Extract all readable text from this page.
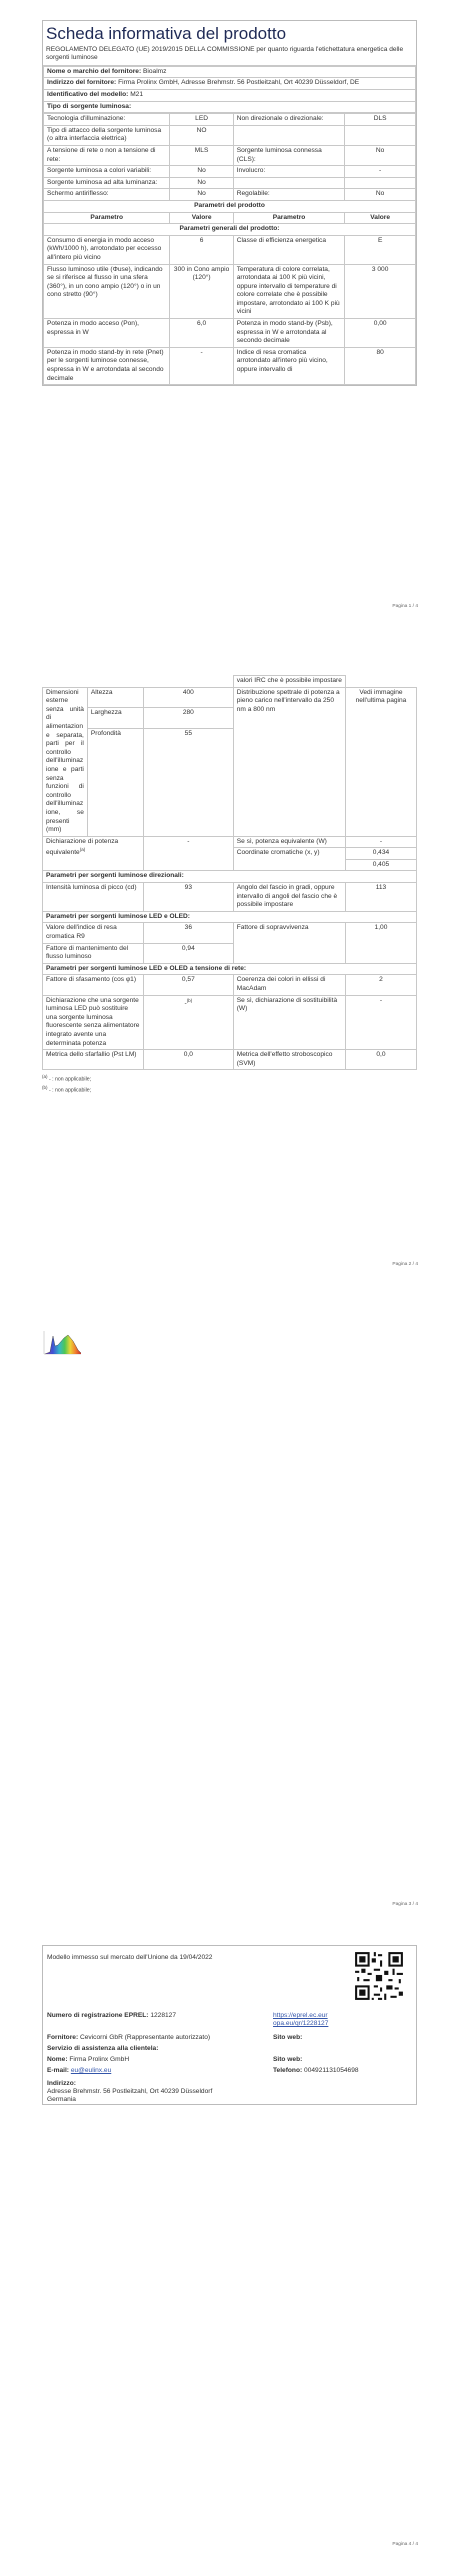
Scheda informativa del prodotto
REGOLAMENTO DELEGATO (UE) 2019/2015 DELLA COMMISSIONE per quanto riguarda l'etichettatura energetica delle sorgenti luminose
Nome o marchio del fornitore: Bioalmz
Indirizzo del fornitore: Firma Prolinx GmbH, Adresse Brehmstr. 56 Postleitzahl, Ort 40239 Düsseldorf, DE
Identificativo del modello: M21
Tipo di sorgente luminosa:
Tecnologia d'illuminazione:	LED	Non direzionale o direzionale:	DLS
Tipo di attacco della sorgente luminosa (o altra interfaccia elettrica)	NO		
A tensione di rete o non a tensione di rete:	MLS	Sorgente luminosa connessa (CLS):	No
Sorgente luminosa a colori variabili:	No	Involucro:	-
Sorgente luminosa ad alta luminanza:	No		
Schermo antiriflesso:	No	Regolabile:	No
Parametri del prodotto			
Parametro	Valore	Parametro	Valore
Parametri generali del prodotto:			
Consumo di energia in modo acceso (kWh/1000 h), arrotondato per eccesso all'intero più vicino	6	Classe di efficienza energetica	E
Flusso luminoso utile (Φuse), indicando se si riferisce al flusso in una sfera (360°), in un cono ampio (120°) o in un cono stretto (90°)	300 in Cono ampio (120°)	Temperatura di colore correlata, arrotondata ai 100 K più vicini, oppure intervallo di temperature di colore correlate che è possibile impostare, arrotondato ai 100 K più vicini	3 000
Potenza in modo acceso (Pon), espressa in W	6,0	Potenza in modo stand-by (Psb), espressa in W e arrotondata al secondo decimale	0,00
Potenza in modo stand-by in rete (Pnet) per le sorgenti luminose connesse, espressa in W e arrotondata al secondo decimale	-	Indice di resa cromatica arrotondato all'intero più vicino, oppure intervallo di	80
Pagina 1 / 4
				valori IRC che è possibile impostare	
Dimensioni esterne senza unità di alimentazione separata, parti per il controllo dell'illuminazione e parti senza funzioni di controllo dell'illuminazione, se presenti (mm)	Altezza	400		Distribuzione spettrale di potenza a pieno carico nell'intervallo da 250 nm a 800 nm	Vedi immagine nell'ultima pagina
	Larghezza	280			
	Profondità	55			
Dichiarazione di potenza equivalente$^{(a)}$		-		Se sì, potenza equivalente (W)	-
				Coordinate cromatiche (x, y)	0,434
					0,405
Parametri per sorgenti luminose direzionali:					
Intensità luminosa di picco (cd)		93		Angolo del fascio in gradi, oppure intervallo di angoli del fascio che è possibile impostare	113
Parametri per sorgenti luminose LED e OLED:					
Valore dell'indice di resa cromatica R9		36		Fattore di sopravvivenza	1,00
Fattore di mantenimento del flusso luminoso		0,94			
Parametri per sorgenti luminose LED e OLED a tensione di rete:					
Fattore di sfasamento (cos φ1)		0,57		Coerenza dei colori in ellissi di MacAdam	2
Dichiarazione che una sorgente luminosa LED può sostituire una sorgente luminosa fluorescente senza alimentatore integrato avente una determinata potenza		-$^{(b)}$		Se sì, dichiarazione di sostituibilità (W)	-
Metrica dello sfarfallio (Pst LM)		0,0		Metrica dell'effetto stroboscopico (SVM)	0,0
$^{(a)}$ - : non applicabile;
$^{(b)}$ - : non applicabile;
Pagina 2 / 4
Pagina 3 / 4
Modello immesso sul mercato dell'Unione da 19/04/2022
Numero di registrazione EPREL: 1228127	https://eprel.ec.europa.eu/qr/1228127
Fornitore: Cevicorni GbR (Rappresentante autorizzato)	Sito web:
Servizio di assistenza alla clientela:
Nome: Firma Prolinx GmbH	Sito web:
E-mail: eu@eulinx.eu	Telefono: 004921131054698
Indirizzo:
Adresse Brehmstr. 56 Postleitzahl, Ort 40239 Düsseldorf Germania
Pagina 4 / 4
